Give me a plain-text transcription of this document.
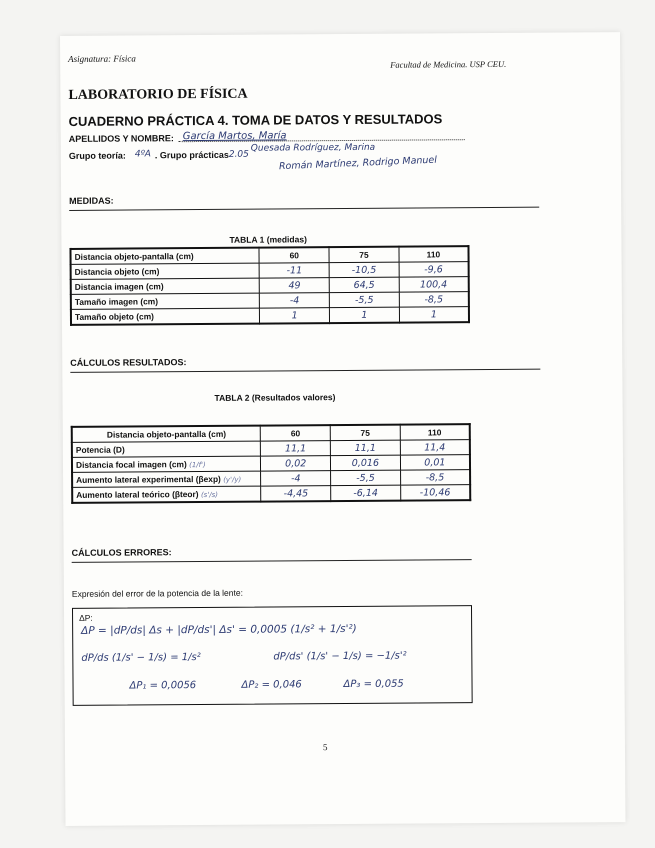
Asignatura: Física
Facultad de Medicina. USP CEU.
LABORATORIO DE FÍSICA
CUADERNO PRÁCTICA 4. TOMA DE DATOS Y RESULTADOS
APELLIDOS Y NOMBRE: García Martos, María
Quesada Rodríguez, Marina
Grupo teoría: 4ºA . Grupo prácticas 2.05	Román Martínez, Rodrigo Manuel
MEDIDAS:
TABLA 1 (medidas)
Distancia objeto-pantalla (cm)	60	75	110
Distancia objeto (cm)	-11	-10,5	-9,6
Distancia imagen (cm)	49	64,5	100,4
Tamaño imagen (cm)	-4	-5,5	-8,5
Tamaño objeto (cm)	1	1	1
CÁLCULOS RESULTADOS:
TABLA 2 (Resultados valores)
Distancia objeto-pantalla (cm)	60	75	110
Potencia (D)	11,1	11,1	11,4
Distancia focal imagen (cm) (1/f')	0,02	0,016	0,01
Aumento lateral experimental (βexp) (y'/y)	-4	-5,5	-8,5
Aumento lateral teórico (βteor) (s'/s)	-4,45	-6,14	-10,46
CÁLCULOS ERRORES:
Expresión del error de la potencia de la lente:
ΔP:
ΔP = |dP/ds| Δs + |dP/ds'| Δs' = 0,0005 (1/s² + 1/s'²)
dP/ds (1/s' − 1/s) = 1/s²	dP/ds' (1/s' − 1/s) = −1/s'²
ΔP₁ = 0,0056	ΔP₂ = 0,046	ΔP₃ = 0,055
5
